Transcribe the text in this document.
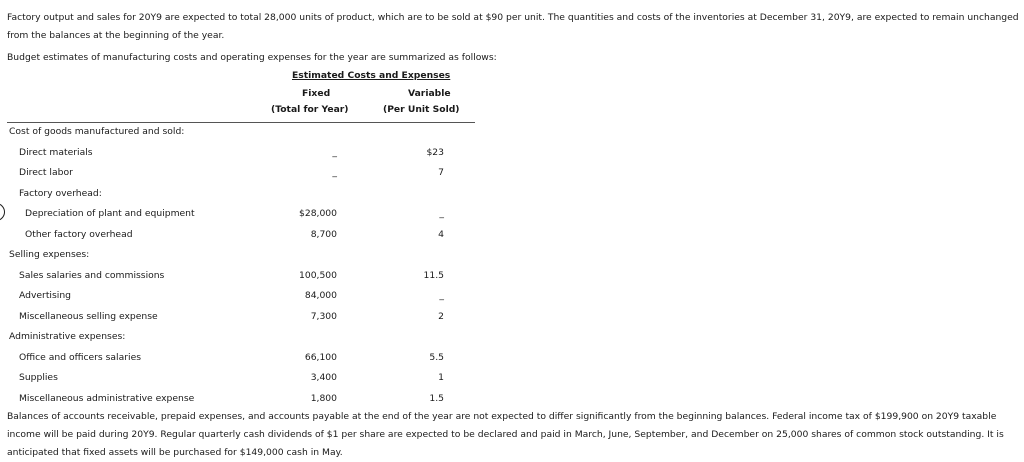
Factory output and sales for 20Y9 are expected to total 28,000 units of product, which are to be sold at $90 per unit. The quantities and costs of the inventories at December 31, 20Y9, are expected to remain unchanged from the balances at the beginning of the year.
Budget estimates of manufacturing costs and operating expenses for the year are summarized as follows:
Estimated Costs and Expenses
Fixed	Variable
(Total for Year)	(Per Unit Sold)
Cost of goods manufactured and sold:
Direct materials	_	$23
Direct labor	_	7
Factory overhead:
Depreciation of plant and equipment	$28,000	_
Other factory overhead	8,700	4
Selling expenses:
Sales salaries and commissions	100,500	11.5
Advertising	84,000	_
Miscellaneous selling expense	7,300	2
Administrative expenses:
Office and officers salaries	66,100	5.5
Supplies	3,400	1
Miscellaneous administrative expense	1,800	1.5
Balances of accounts receivable, prepaid expenses, and accounts payable at the end of the year are not expected to differ significantly from the beginning balances. Federal income tax of $199,900 on 20Y9 taxable income will be paid during 20Y9. Regular quarterly cash dividends of $1 per share are expected to be declared and paid in March, June, September, and December on 25,000 shares of common stock outstanding. It is anticipated that fixed assets will be purchased for $149,000 cash in May.
